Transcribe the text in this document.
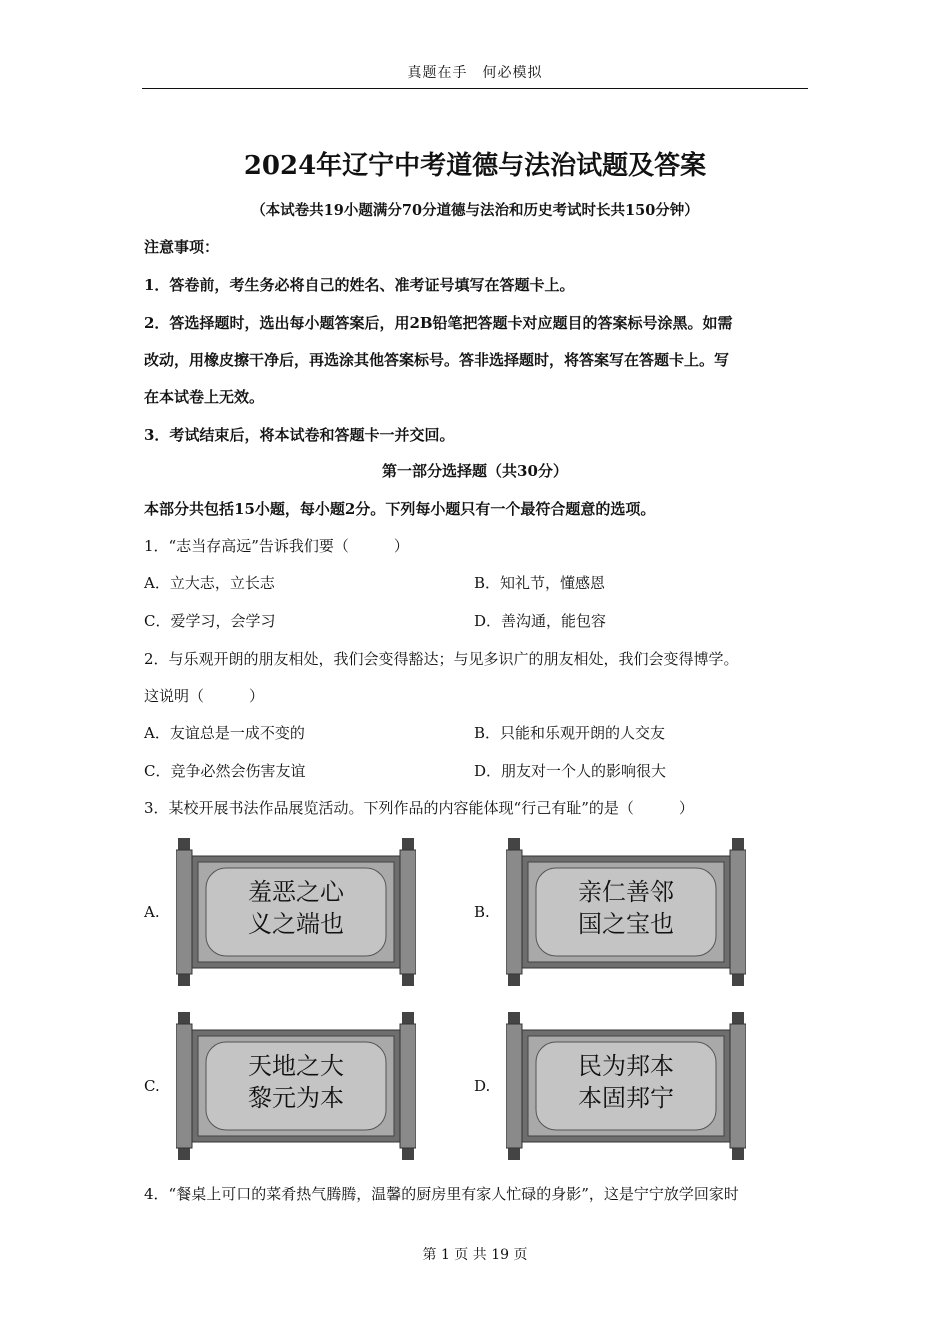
真题在手　何必模拟
2024年辽宁中考道德与法治试题及答案
（本试卷共19小题满分70分道德与法治和历史考试时长共150分钟）
注意事项：
1．答卷前，考生务必将自己的姓名、准考证号填写在答题卡上。
2．答选择题时，选出每小题答案后，用2B铅笔把答题卡对应题目的答案标号涂黑。如需
改动，用橡皮擦干净后，再选涂其他答案标号。答非选择题时，将答案写在答题卡上。写
在本试卷上无效。
3．考试结束后，将本试卷和答题卡一并交回。
第一部分选择题（共30分）
本部分共包括15小题，每小题2分。下列每小题只有一个最符合题意的选项。
1．“志当存高远”告诉我们要（　　　）
A．立大志，立长志	B．知礼节，懂感恩
C．爱学习，会学习	D．善沟通，能包容
2．与乐观开朗的朋友相处，我们会变得豁达；与见多识广的朋友相处，我们会变得博学。
这说明（　　　）
A．友谊总是一成不变的	B．只能和乐观开朗的人交友
C．竞争必然会伤害友谊	D．朋友对一个人的影响很大
3．某校开展书法作品展览活动。下列作品的内容能体现“行己有耻”的是（　　　）
A.
羞恶之心
义之端也	B.
亲仁善邻
国之宝也
C.
天地之大
黎元为本	D.
民为邦本
本固邦宁
4．“餐桌上可口的菜肴热气腾腾，温馨的厨房里有家人忙碌的身影”，这是宁宁放学回家时
第 1 页 共 19 页
